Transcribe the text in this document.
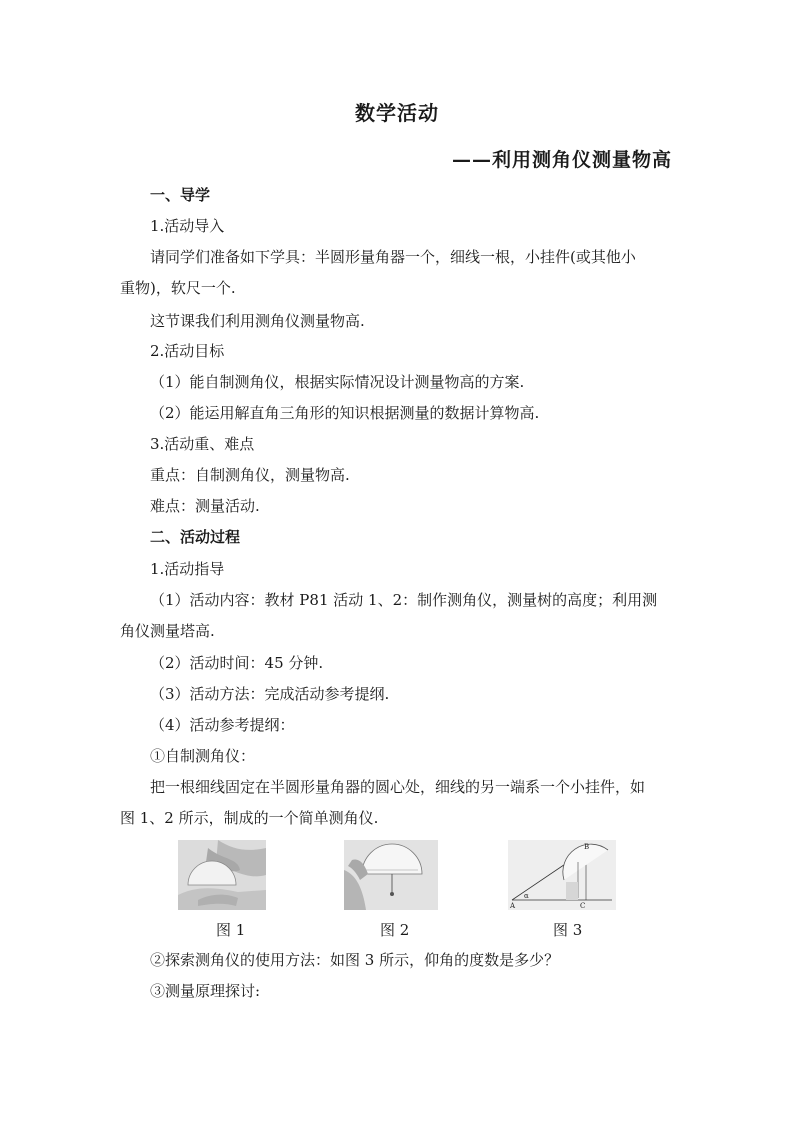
数学活动
——利用测角仪测量物高
一、导学
1.活动导入
请同学们准备如下学具：半圆形量角器一个，细线一根，小挂件(或其他小
重物)，软尺一个.
这节课我们利用测角仪测量物高.
2.活动目标
（1）能自制测角仪，根据实际情况设计测量物高的方案.
（2）能运用解直角三角形的知识根据测量的数据计算物高.
3.活动重、难点
重点：自制测角仪，测量物高.
难点：测量活动.
二、活动过程
1.活动指导
（1）活动内容：教材 P81 活动 1、2：制作测角仪，测量树的高度；利用测
角仪测量塔高.
（2）活动时间：45 分钟.
（3）活动方法：完成活动参考提纲.
（4）活动参考提纲：
①自制测角仪：
把一根细线固定在半圆形量角器的圆心处，细线的另一端系一个小挂件，如
图 1、2 所示，制成的一个简单测角仪.
图 1	图 2
A
B
C
α
图 3
②探索测角仪的使用方法：如图 3 所示，仰角的度数是多少？
③测量原理探讨:
